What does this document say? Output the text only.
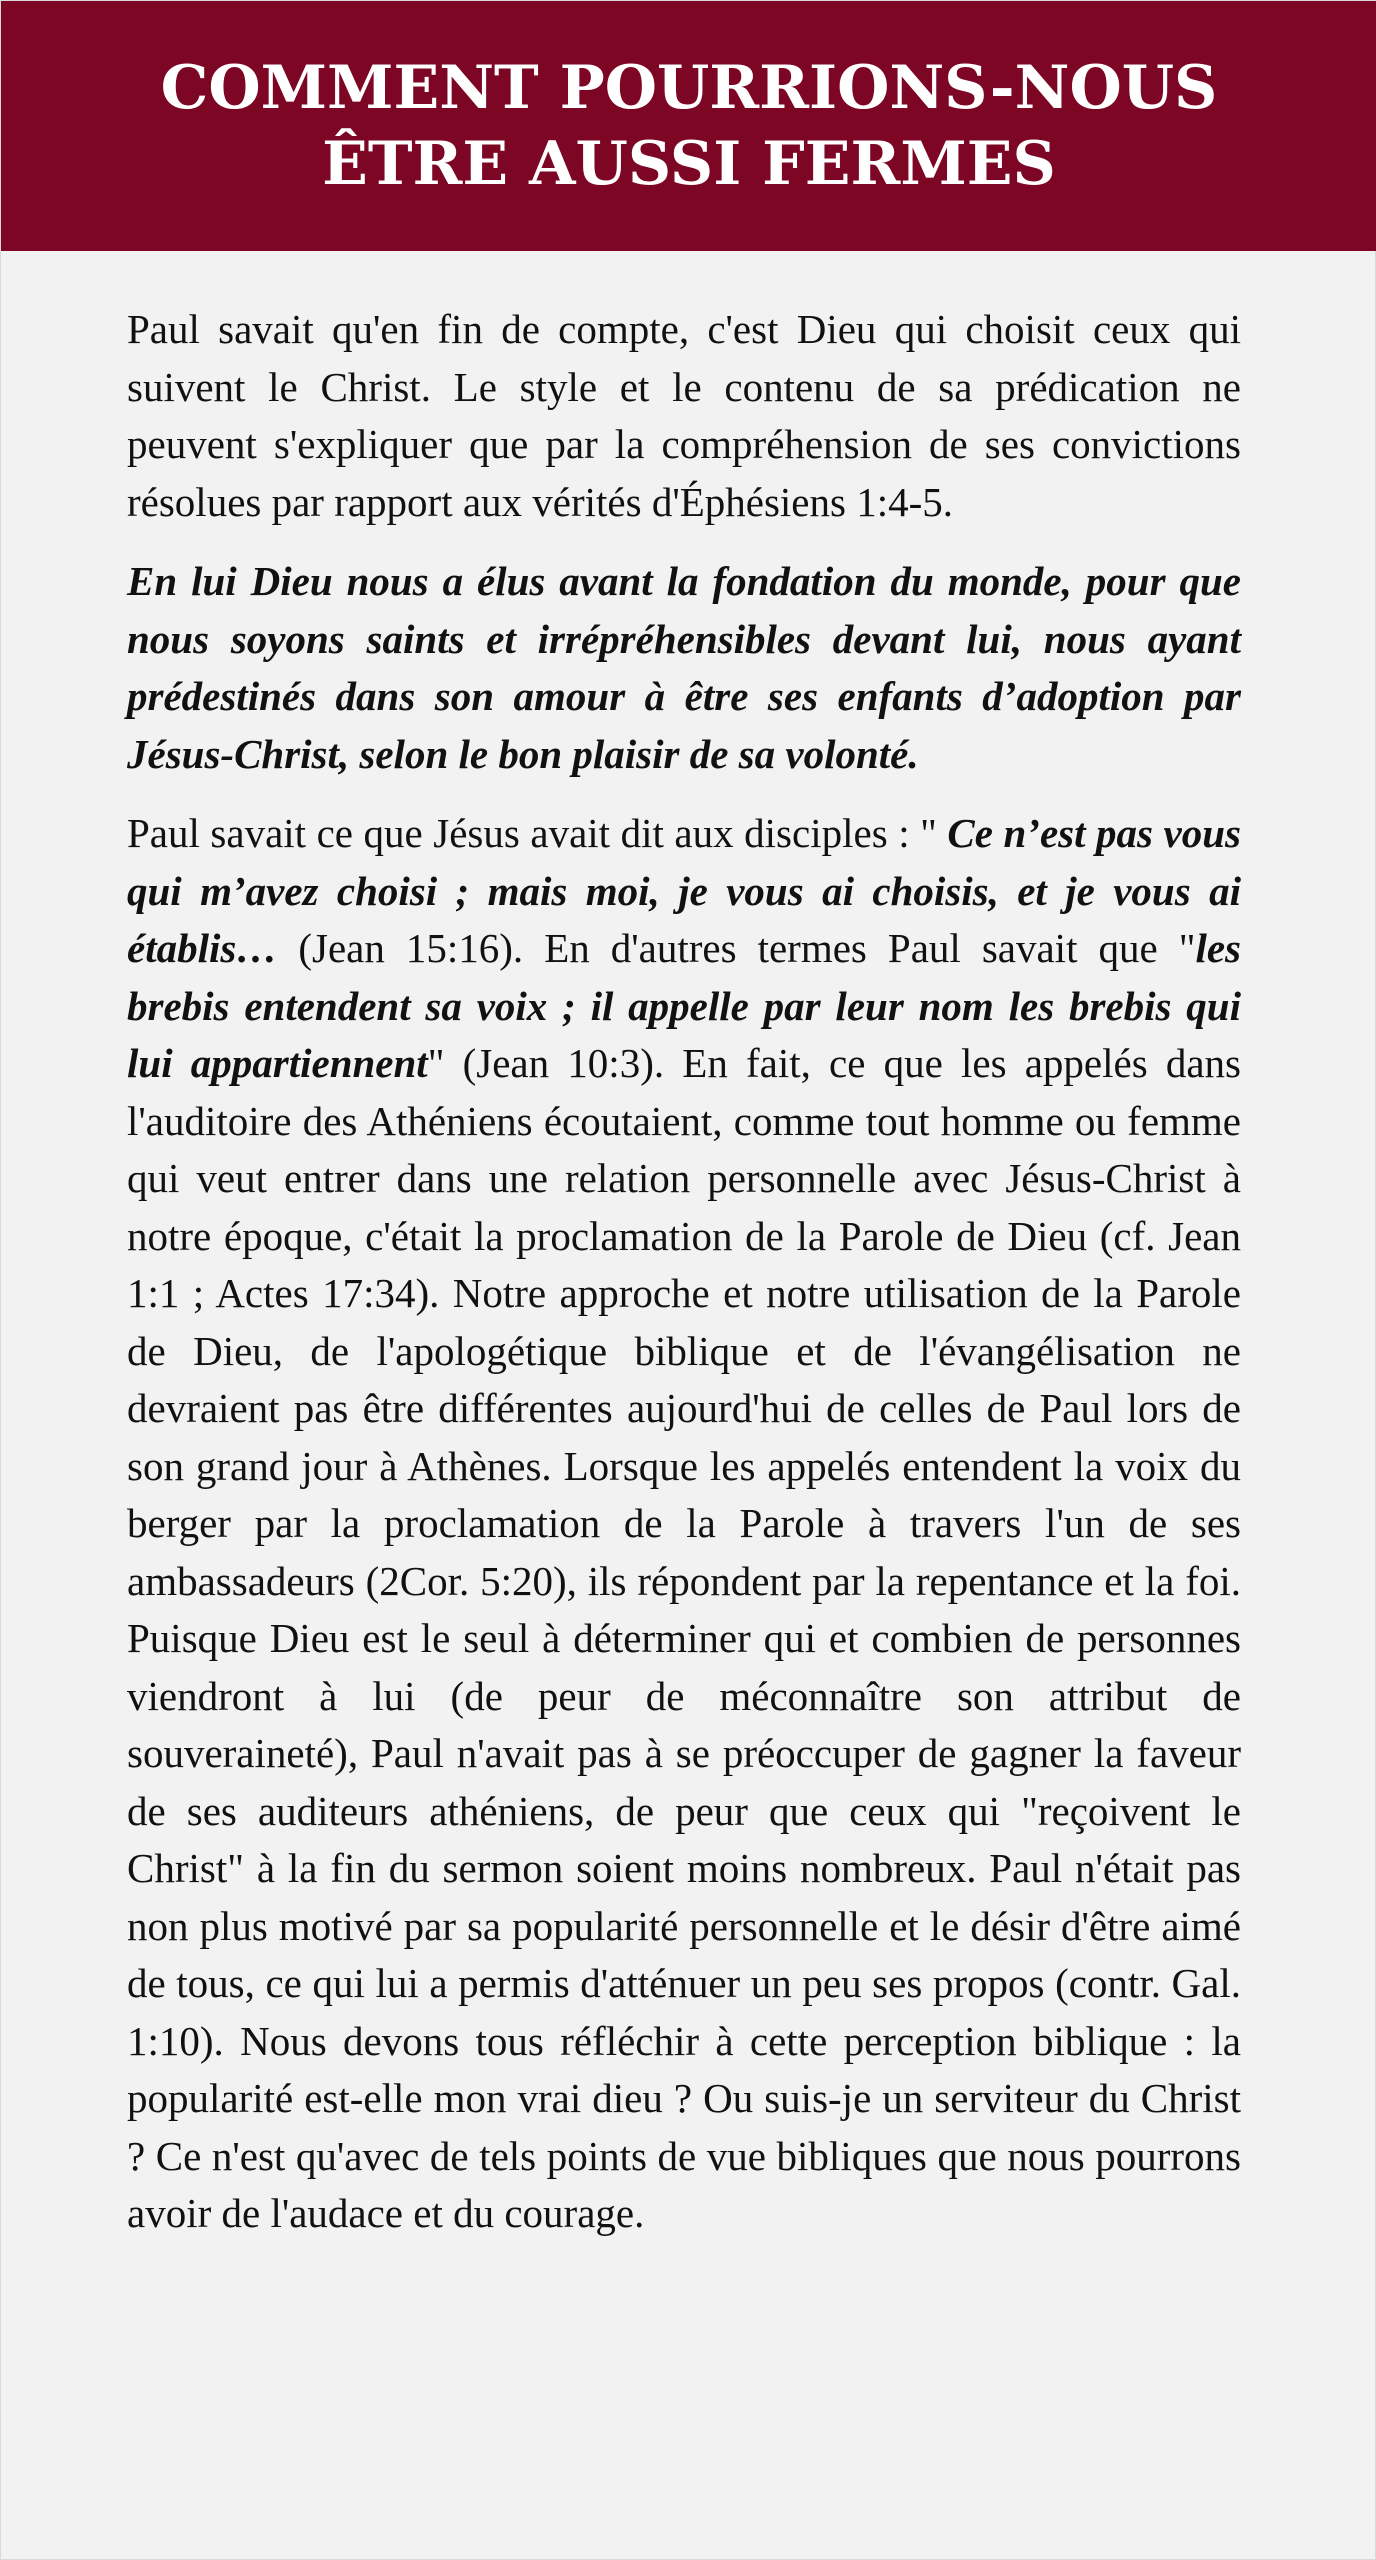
COMMENT POURRIONS-NOUS
ÊTRE AUSSI FERMES

Paul savait qu'en fin de compte, c'est Dieu qui choisit ceux qui suivent le Christ. Le style et le contenu de sa prédication ne peuvent s'expliquer que par la compréhension de ses convictions résolues par rapport aux vérités d'Éphésiens 1:4-5.

En lui Dieu nous a élus avant la fondation du monde, pour que nous soyons saints et irrépréhensibles devant lui, nous ayant prédestinés dans son amour à être ses enfants d’adoption par Jésus-Christ, selon le bon plaisir de sa volonté.

Paul savait ce que Jésus avait dit aux disciples : " Ce n’est pas vous qui m’avez choisi ; mais moi, je vous ai choisis, et je vous ai établis… (Jean 15:16). En d'autres termes Paul savait que "les brebis entendent sa voix ; il appelle par leur nom les brebis qui lui appartiennent" (Jean 10:3). En fait, ce que les appelés dans l'auditoire des Athéniens écoutaient, comme tout homme ou femme qui veut entrer dans une relation personnelle avec Jésus-Christ à notre époque, c'était la proclamation de la Parole de Dieu (cf. Jean 1:1 ; Actes 17:34). Notre approche et notre utilisation de la Parole de Dieu, de l'apologétique biblique et de l'évangélisation ne devraient pas être différentes aujourd'hui de celles de Paul lors de son grand jour à Athènes. Lorsque les appelés entendent la voix du berger par la proclamation de la Parole à travers l'un de ses ambassadeurs (2Cor. 5:20), ils répondent par la repentance et la foi. Puisque Dieu est le seul à déterminer qui et combien de personnes viendront à lui (de peur de méconnaître son attribut de souveraineté), Paul n'avait pas à se préoccuper de gagner la faveur de ses auditeurs athéniens, de peur que ceux qui "reçoivent le Christ" à la fin du sermon soient moins nombreux. Paul n'était pas non plus motivé par sa popularité personnelle et le désir d'être aimé de tous, ce qui lui a permis d'atténuer un peu ses propos (contr. Gal. 1:10). Nous devons tous réfléchir à cette perception biblique : la popularité est-elle mon vrai dieu ? Ou suis-je un serviteur du Christ ? Ce n'est qu'avec de tels points de vue bibliques que nous pourrons avoir de l'audace et du courage.
